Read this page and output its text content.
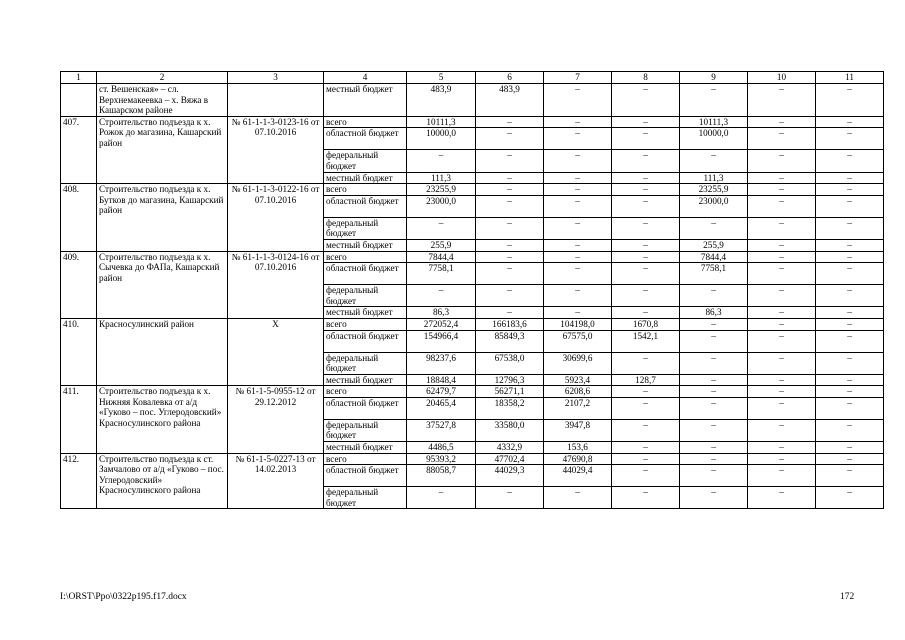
1	2	3	4	5	6	7	8	9	10	11
	ст. Вешенская» – сл. Верхнемакеевка – х. Вяжа в Кашарском районе		местный бюджет	483,9	483,9	–	–	–	–	–
407.	Строительство подъезда к х. Рожок до магазина, Кашарский район	№ 61-1-1-3-0123-16 от 07.10.2016	всего	10111,3	–	–	–	10111,3	–	–
			областной бюджет	10000,0	–	–	–	10000,0	–	–
			федеральный бюджет	–	–	–	–	–	–	–
			местный бюджет	111,3	–	–	–	111,3	–	–
408.	Строительство подъезда к х. Бутков до магазина, Кашарский район	№ 61-1-1-3-0122-16 от 07.10.2016	всего	23255,9	–	–	–	23255,9	–	–
			областной бюджет	23000,0	–	–	–	23000,0	–	–
			федеральный бюджет	–	–	–	–	–	–	–
			местный бюджет	255,9	–	–	–	255,9	–	–
409.	Строительство подъезда к х. Сычевка до ФАПа, Кашарский район	№ 61-1-1-3-0124-16 от 07.10.2016	всего	7844,4	–	–	–	7844,4	–	–
			областной бюджет	7758,1	–	–	–	7758,1	–	–
			федеральный бюджет	–	–	–	–	–	–	–
			местный бюджет	86,3	–	–	–	86,3	–	–
410.	Красносулинский район	X	всего	272052,4	166183,6	104198,0	1670,8	–	–	–
			областной бюджет	154966,4	85849,3	67575,0	1542,1	–	–	–
			федеральный бюджет	98237,6	67538,0	30699,6	–	–	–	–
			местный бюджет	18848,4	12796,3	5923,4	128,7	–	–	–
411.	Строительство подъезда к х. Нижняя Ковалевка от а/д «Гуково – пос. Углеродовский» Красносулинского района	№ 61-1-5-0955-12 от 29.12.2012	всего	62479,7	56271,1	6208,6	–	–	–	–
			областной бюджет	20465,4	18358,2	2107,2	–	–	–	–
			федеральный бюджет	37527,8	33580,0	3947,8	–	–	–	–
			местный бюджет	4486,5	4332,9	153,6	–	–	–	–
412.	Строительство подъезда к ст. Замчалово от а/д «Гуково – пос. Углеродовский» Красносулинского района	№ 61-1-5-0227-13 от 14.02.2013	всего	95393,2	47702,4	47690,8	–	–	–	–
			областной бюджет	88058,7	44029,3	44029,4	–	–	–	–
			федеральный бюджет	–	–	–	–	–	–	–
I:\ORST\Ppo\0322p195.f17.docx	172
